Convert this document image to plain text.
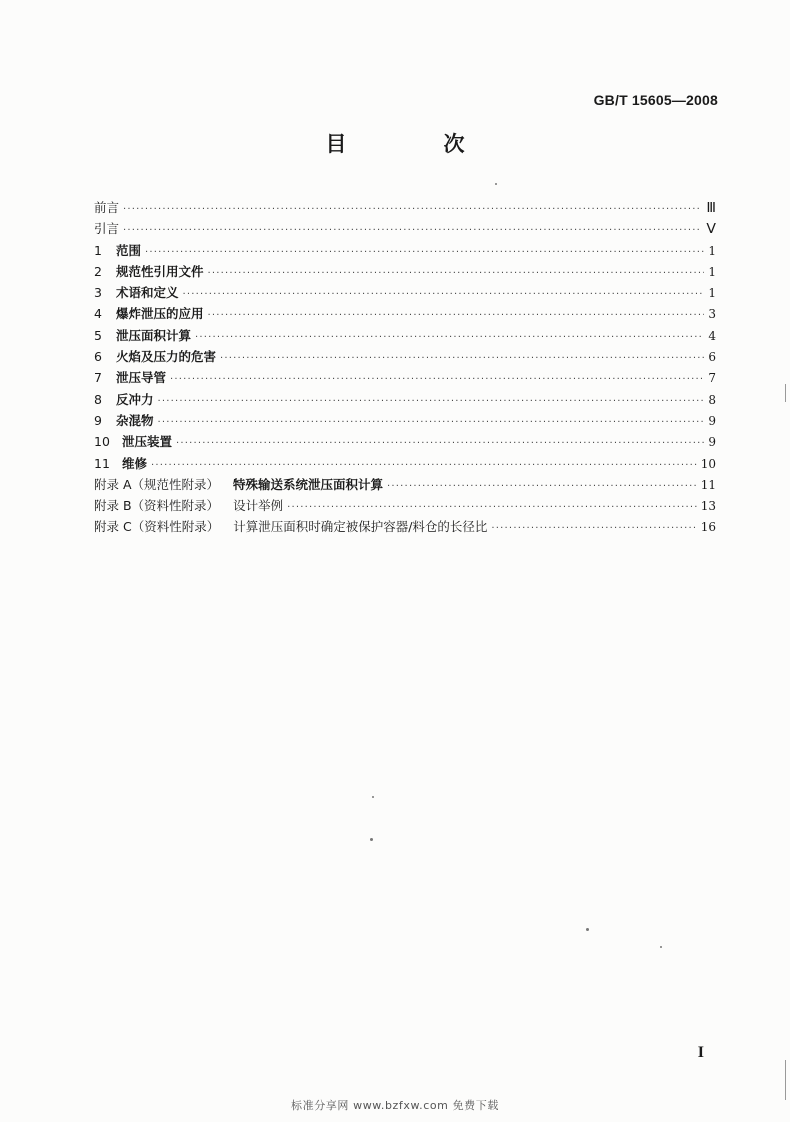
GB/T 15605—2008
目　次
前言 ·····	Ⅲ
引言 ·····	Ⅴ
1	范围 ·····	1
2	规范性引用文件 ·····	1
3	术语和定义 ·····	1
4	爆炸泄压的应用 ·····	3
5	泄压面积计算 ·····	4
6	火焰及压力的危害 ·····	6
7	泄压导管 ·····	7
8	反冲力 ·····	8
9	杂混物 ·····	9
10 泄压装置 ·····	9
11 维修 ·····	10
附录 A（规范性附录） 特殊输送系统泄压面积计算 ·····	11
附录 B（资料性附录） 设计举例 ·····	13
附录 C（资料性附录） 计算泄压面积时确定被保护容器/料仓的长径比 ·····	16
I
标准分享网 www.bzfxw.com 免费下载
